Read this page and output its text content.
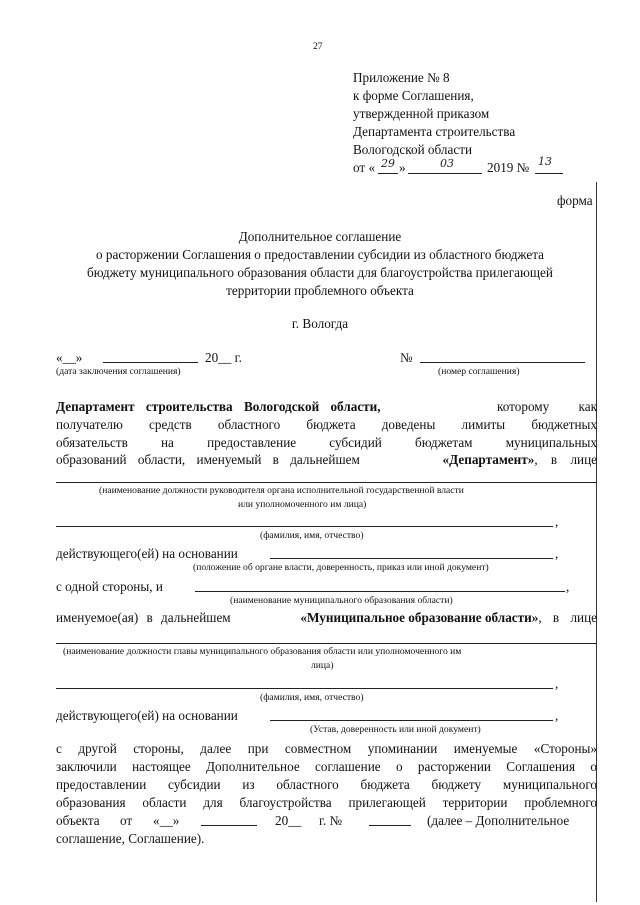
27
Приложение № 8
к форме Соглашения,
утвержденной приказом
Департамента строительства
Вологодской области
от « 29 »	03	2019 № 13
форма
Дополнительное соглашение
о расторжении Соглашения о предоставлении субсидии из областного бюджета
бюджету муниципального образования области для благоустройства прилегающей
территории проблемного объекта
г. Вологда
«__»	20__ г.	№
(дата заключения соглашения)	(номер соглашения)
Департамент строительства Вологодской области,	которому как
получателю средств областного бюджета доведены лимиты бюджетных
обязательств на предоставление субсидий бюджетам муниципальных
образований области, именуемый в дальнейшем	«Департамент», в лице
(наименование должности руководителя органа исполнительной государственной власти
или уполномоченного им лица)
,
(фамилия, имя, отчество)
действующего(ей) на основании	,
(положение об органе власти, доверенность, приказ или иной документ)
с одной стороны, и	,
(наименование муниципального образования области)
именуемое(ая) в дальнейшем	«Муниципальное образование области», в лице
(наименование должности главы муниципального образования области или уполномоченного им
лица)
,
(фамилия, имя, отчество)
действующего(ей) на основании	,
(Устав, доверенность или иной документ)
с другой стороны, далее при совместном упоминании именуемые «Стороны»
заключили настоящее Дополнительное соглашение о расторжении Соглашения о
предоставлении субсидии из областного бюджета бюджету муниципального
образования области для благоустройства прилегающей территории проблемного
объекта от «__»	20__ г. №	(далее – Дополнительное
соглашение, Соглашение).
